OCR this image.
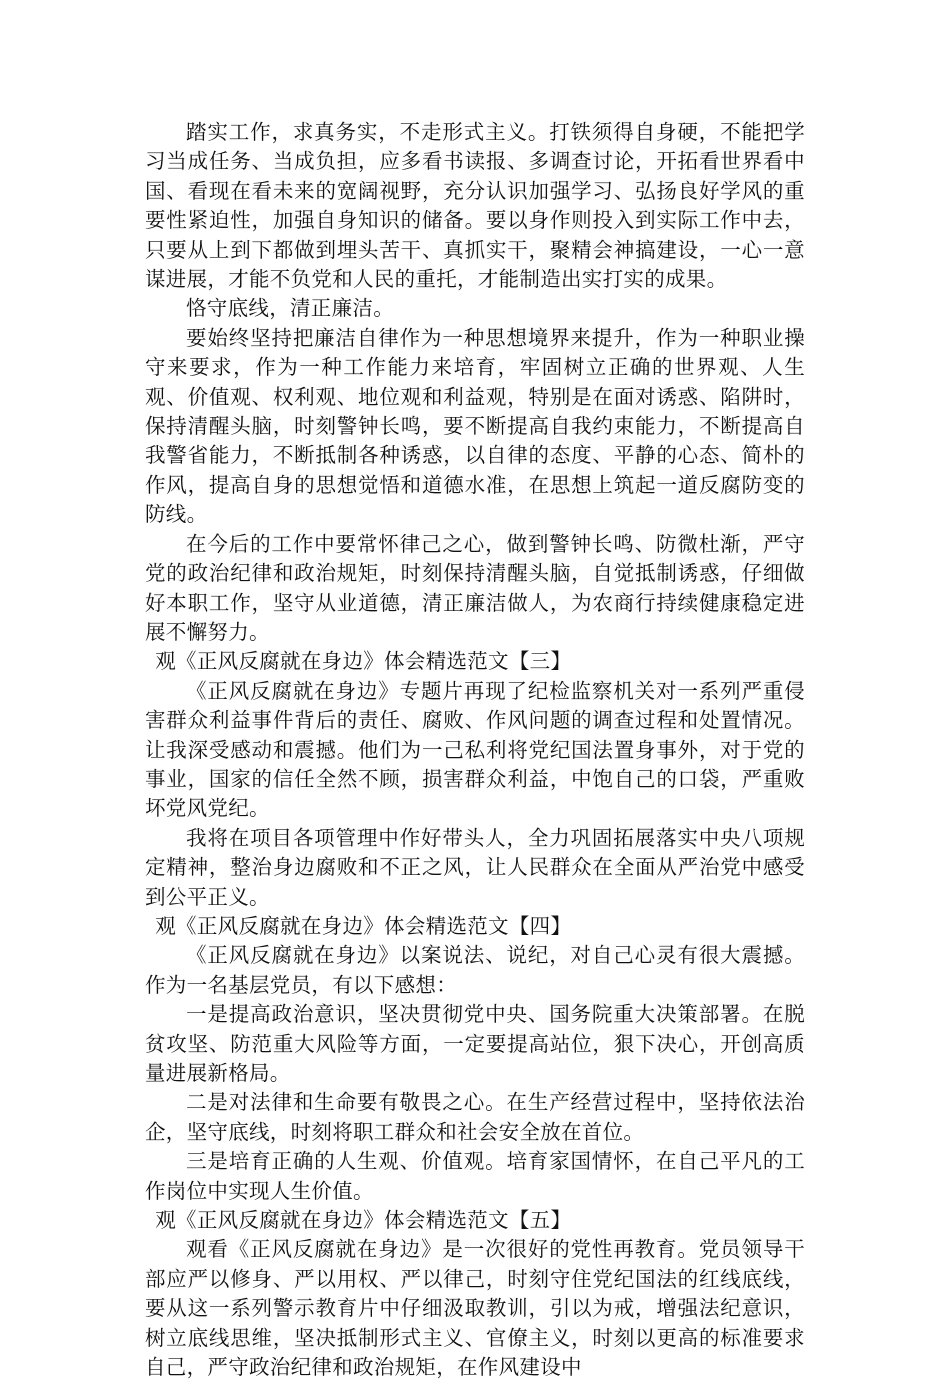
踏实工作，求真务实，不走形式主义。打铁须得自身硬，不能把学习当成任务、当成负担，应多看书读报、多调查讨论，开拓看世界看中国、看现在看未来的宽阔视野，充分认识加强学习、弘扬良好学风的重要性紧迫性，加强自身知识的储备。要以身作则投入到实际工作中去，只要从上到下都做到埋头苦干、真抓实干，聚精会神搞建设，一心一意谋进展，才能不负党和人民的重托，才能制造出实打实的成果。

恪守底线，清正廉洁。

要始终坚持把廉洁自律作为一种思想境界来提升，作为一种职业操守来要求，作为一种工作能力来培育，牢固树立正确的世界观、人生观、价值观、权利观、地位观和利益观，特别是在面对诱惑、陷阱时，保持清醒头脑，时刻警钟长鸣，要不断提高自我约束能力，不断提高自我警省能力，不断抵制各种诱惑，以自律的态度、平静的心态、简朴的作风，提高自身的思想觉悟和道德水准，在思想上筑起一道反腐防变的防线。

在今后的工作中要常怀律己之心，做到警钟长鸣、防微杜渐，严守党的政治纪律和政治规矩，时刻保持清醒头脑，自觉抵制诱惑，仔细做好本职工作，坚守从业道德，清正廉洁做人，为农商行持续健康稳定进展不懈努力。

观《正风反腐就在身边》体会精选范文【三】

《正风反腐就在身边》专题片再现了纪检监察机关对一系列严重侵害群众利益事件背后的责任、腐败、作风问题的调查过程和处置情况。让我深受感动和震撼。他们为一己私利将党纪国法置身事外，对于党的事业，国家的信任全然不顾，损害群众利益，中饱自己的口袋，严重败坏党风党纪。

我将在项目各项管理中作好带头人，全力巩固拓展落实中央八项规定精神，整治身边腐败和不正之风，让人民群众在全面从严治党中感受到公平正义。

观《正风反腐就在身边》体会精选范文【四】

《正风反腐就在身边》以案说法、说纪，对自己心灵有很大震撼。作为一名基层党员，有以下感想：

一是提高政治意识，坚决贯彻党中央、国务院重大决策部署。在脱贫攻坚、防范重大风险等方面，一定要提高站位，狠下决心，开创高质量进展新格局。

二是对法律和生命要有敬畏之心。在生产经营过程中，坚持依法治企，坚守底线，时刻将职工群众和社会安全放在首位。

三是培育正确的人生观、价值观。培育家国情怀，在自己平凡的工作岗位中实现人生价值。

观《正风反腐就在身边》体会精选范文【五】

观看《正风反腐就在身边》是一次很好的党性再教育。党员领导干部应严以修身、严以用权、严以律己，时刻守住党纪国法的红线底线，要从这一系列警示教育片中仔细汲取教训，引以为戒，增强法纪意识，树立底线思维，坚决抵制形式主义、官僚主义，时刻以更高的标准要求自己，严守政治纪律和政治规矩，在作风建设中
